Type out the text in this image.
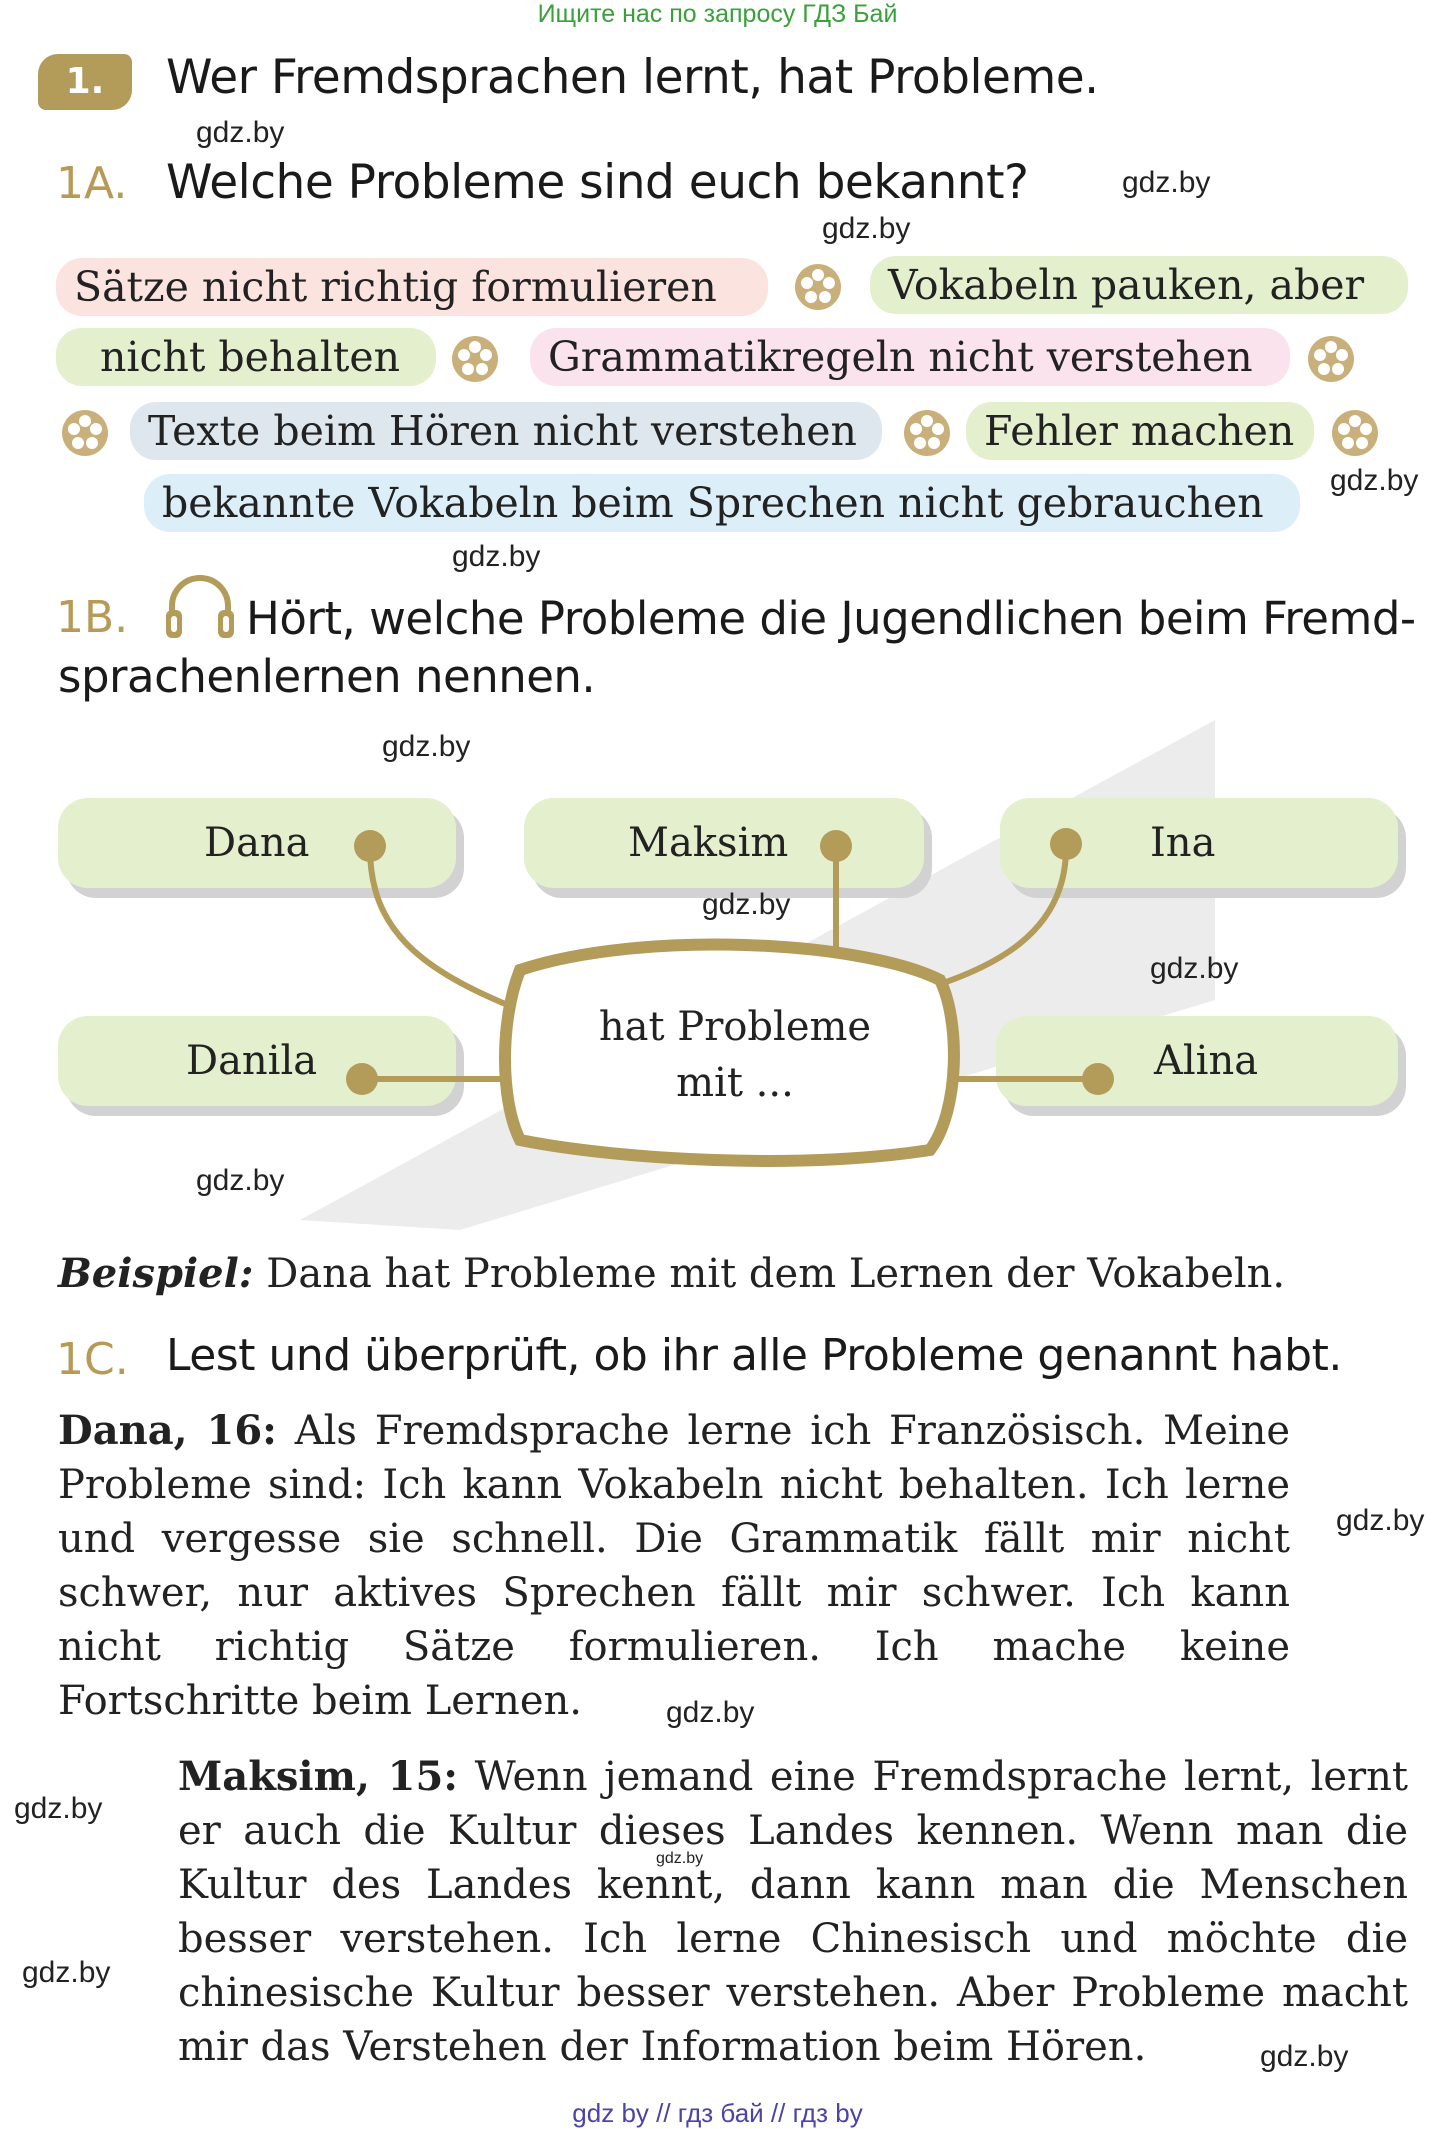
Ищите нас по запросу ГДЗ Бай
1.	Wer Fremdsprachen lernt, hat Probleme.
1A. Welche Probleme sind euch bekannt?
Sätze nicht richtig formulieren	Vokabeln pauken, aber
nicht behalten	Grammatikregeln nicht verstehen
Texte beim Hören nicht verstehen	Fehler machen
bekannte Vokabeln beim Sprechen nicht gebrauchen
1B.	Hört, welche Probleme die Jugendlichen beim Fremd-
sprachenlernen nennen.
Dana	Maksim	Ina
Danila	Alina
hat Probleme
mit ...
Beispiel: Dana hat Probleme mit dem Lernen der Vokabeln.
1C. Lest und überprüft, ob ihr alle Probleme genannt habt.
Dana, 16: Als Fremdsprache lerne ich Französisch. Meine Probleme sind: Ich kann Vokabeln nicht behalten. Ich lerne und vergesse sie schnell. Die Grammatik fällt mir nicht schwer, nur aktives Sprechen fällt mir schwer. Ich kann nicht richtig Sätze formulieren. Ich mache keine Fortschritte beim Lernen.
Maksim, 15: Wenn jemand eine Fremdsprache lernt, lernt er auch die Kultur dieses Landes kennen. Wenn man die Kultur des Landes kennt, dann kann man die Menschen besser verstehen. Ich lerne Chinesisch und möchte die chinesische Kultur besser verstehen. Aber Probleme macht mir das Verstehen der Information beim Hören.
gdz.by
gdz.by
gdz.by
gdz.by
gdz.by
gdz.by
gdz.by
gdz.by
gdz.by
gdz.by
gdz.by
gdz.by
gdz.by
gdz.by
gdz.by
gdz by // гдз бай // гдз by
